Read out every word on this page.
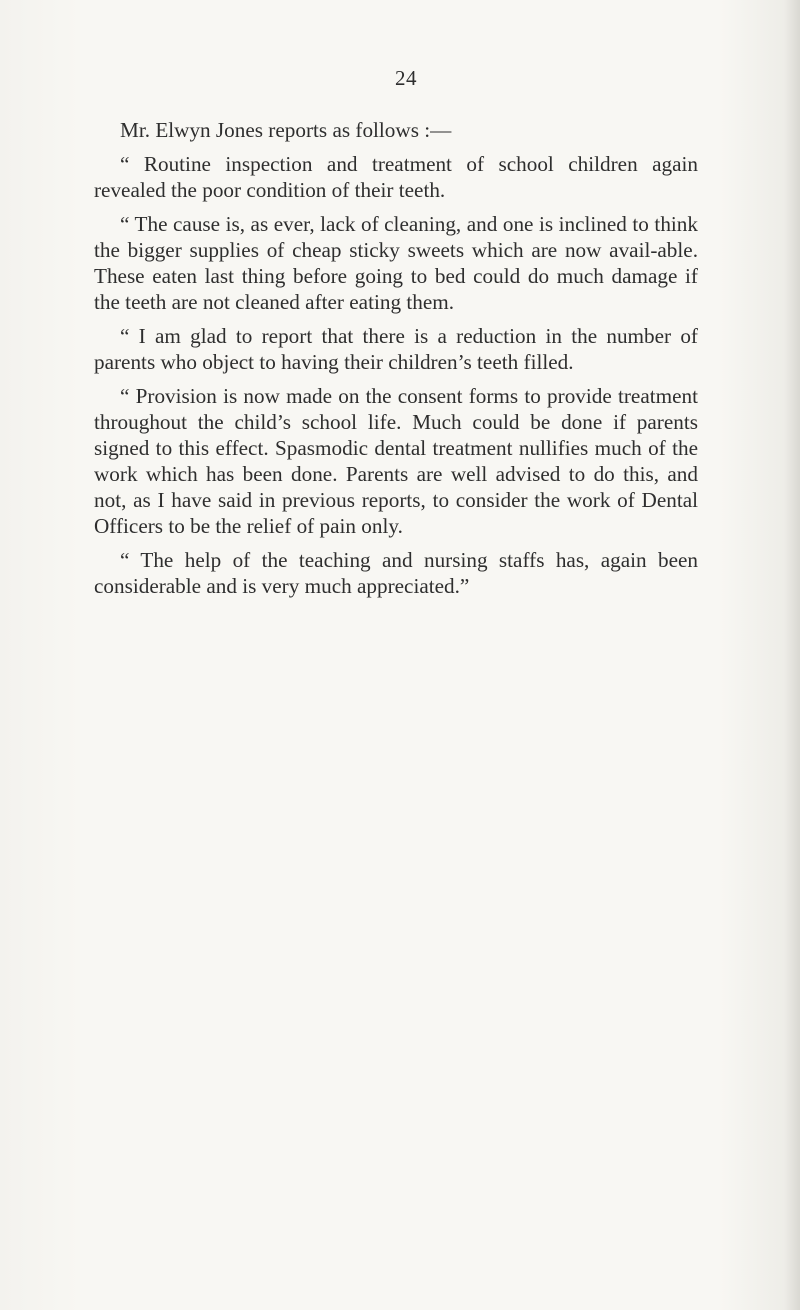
24

Mr. Elwyn Jones reports as follows :—

“ Routine inspection and treatment of school children again revealed the poor condition of their teeth.

“ The cause is, as ever, lack of cleaning, and one is inclined to think the bigger supplies of cheap sticky sweets which are now avail-able. These eaten last thing before going to bed could do much damage if the teeth are not cleaned after eating them.

“ I am glad to report that there is a reduction in the number of parents who object to having their children’s teeth filled.

“ Provision is now made on the consent forms to provide treatment throughout the child’s school life. Much could be done if parents signed to this effect. Spasmodic dental treatment nullifies much of the work which has been done. Parents are well advised to do this, and not, as I have said in previous reports, to consider the work of Dental Officers to be the relief of pain only.

“ The help of the teaching and nursing staffs has, again been considerable and is very much appreciated.”
